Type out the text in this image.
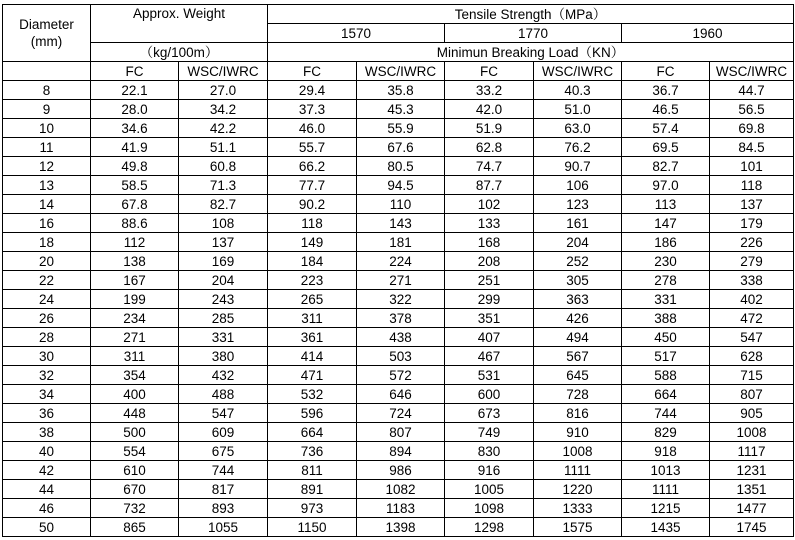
Diameter
(mm)	Approx. Weight		Tensile Strength（MPa）					
			1570		1770		1960	
	（kg/100m）		Minimun Breaking Load（KN）					
	FC	WSC/IWRC	FC	WSC/IWRC	FC	WSC/IWRC	FC	WSC/IWRC
8	22.1	27.0	29.4	35.8	33.2	40.3	36.7	44.7
9	28.0	34.2	37.3	45.3	42.0	51.0	46.5	56.5
10	34.6	42.2	46.0	55.9	51.9	63.0	57.4	69.8
11	41.9	51.1	55.7	67.6	62.8	76.2	69.5	84.5
12	49.8	60.8	66.2	80.5	74.7	90.7	82.7	101
13	58.5	71.3	77.7	94.5	87.7	106	97.0	118
14	67.8	82.7	90.2	110	102	123	113	137
16	88.6	108	118	143	133	161	147	179
18	112	137	149	181	168	204	186	226
20	138	169	184	224	208	252	230	279
22	167	204	223	271	251	305	278	338
24	199	243	265	322	299	363	331	402
26	234	285	311	378	351	426	388	472
28	271	331	361	438	407	494	450	547
30	311	380	414	503	467	567	517	628
32	354	432	471	572	531	645	588	715
34	400	488	532	646	600	728	664	807
36	448	547	596	724	673	816	744	905
38	500	609	664	807	749	910	829	1008
40	554	675	736	894	830	1008	918	1117
42	610	744	811	986	916	1111	1013	1231
44	670	817	891	1082	1005	1220	1111	1351
46	732	893	973	1183	1098	1333	1215	1477
50	865	1055	1150	1398	1298	1575	1435	1745
